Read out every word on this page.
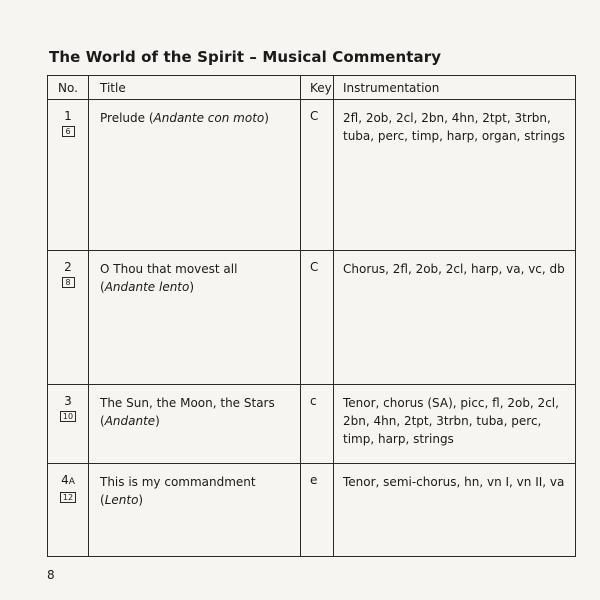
The World of the Spirit – Musical Commentary
No.	Title	Key	Instrumentation

1
6	Prelude (Andante con moto)	C	2fl, 2ob, 2cl, 2bn, 4hn, 2tpt, 3trbn, tuba, perc, timp, harp, organ, strings

2
8	O Thou that movest all
(Andante lento)	C	Chorus, 2fl, 2ob, 2cl, harp, va, vc, db

3
10	The Sun, the Moon, the Stars
(Andante)	c	Tenor, chorus (SA), picc, fl, 2ob, 2cl, 2bn, 4hn, 2tpt, 3trbn, tuba, perc, timp, harp, strings

4A
12	This is my commandment (Lento)	e	Tenor, semi-chorus, hn, vn I, vn II, va
8
